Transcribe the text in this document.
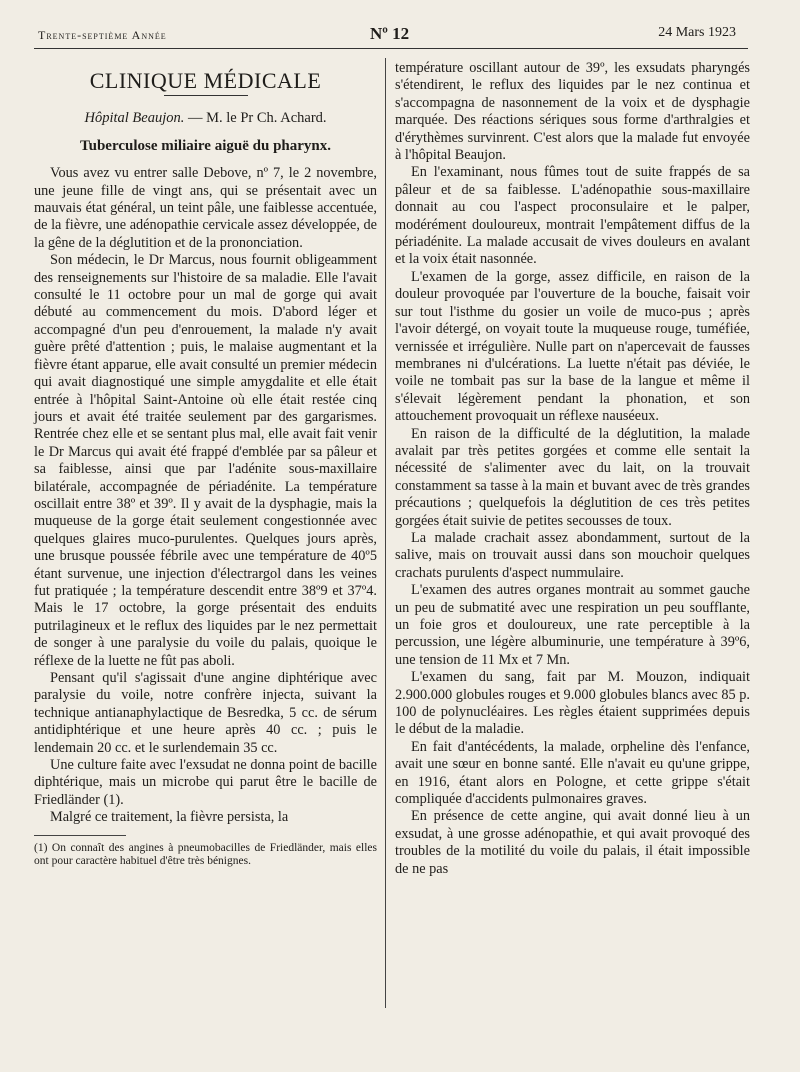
Trente-septième Année	Nº 12	24 Mars 1923
CLINIQUE MÉDICALE
Hôpital Beaujon. — M. le Pr Ch. Achard.
Tuberculose miliaire aiguë du pharynx.

Vous avez vu entrer salle Debove, nº 7, le 2 novembre, une jeune fille de vingt ans, qui se présentait avec un mauvais état général, un teint pâle, une faiblesse accentuée, de la fièvre, une adénopathie cervicale assez développée, de la gêne de la déglutition et de la prononciation.

Son médecin, le Dr Marcus, nous fournit obligeamment des renseignements sur l'histoire de sa maladie. Elle l'avait consulté le 11 octobre pour un mal de gorge qui avait débuté au commencement du mois. D'abord léger et accompagné d'un peu d'enrouement, la malade n'y avait guère prêté d'attention ; puis, le malaise augmentant et la fièvre étant apparue, elle avait consulté un premier médecin qui avait diagnostiqué une simple amygdalite et elle était entrée à l'hôpital Saint-Antoine où elle était restée cinq jours et avait été traitée seulement par des gargarismes. Rentrée chez elle et se sentant plus mal, elle avait fait venir le Dr Marcus qui avait été frappé d'emblée par sa pâleur et sa faiblesse, ainsi que par l'adénite sous-maxillaire bilatérale, accompagnée de périadénite. La température oscillait entre 38º et 39º. Il y avait de la dysphagie, mais la muqueuse de la gorge était seulement congestionnée avec quelques glaires muco-purulentes. Quelques jours après, une brusque poussée fébrile avec une température de 40º5 étant survenue, une injection d'électrargol dans les veines fut pratiquée ; la température descendit entre 38º9 et 37º4. Mais le 17 octobre, la gorge présentait des enduits putrilagineux et le reflux des liquides par le nez permettait de songer à une paralysie du voile du palais, quoique le réflexe de la luette ne fût pas aboli.

Pensant qu'il s'agissait d'une angine diphtérique avec paralysie du voile, notre confrère injecta, suivant la technique antianaphylactique de Besredka, 5 cc. de sérum antidiphtérique et une heure après 40 cc. ; puis le lendemain 20 cc. et le surlendemain 35 cc.

Une culture faite avec l'exsudat ne donna point de bacille diphtérique, mais un microbe qui parut être le bacille de Friedländer (1).

Malgré ce traitement, la fièvre persista, la

(1) On connaît des angines à pneumobacilles de Friedländer, mais elles ont pour caractère habituel d'être très bénignes.

température oscillant autour de 39º, les exsudats pharyngés s'étendirent, le reflux des liquides par le nez continua et s'accompagna de nasonnement de la voix et de dysphagie marquée. Des réactions sériques sous forme d'arthralgies et d'érythèmes survinrent. C'est alors que la malade fut envoyée à l'hôpital Beaujon.

En l'examinant, nous fûmes tout de suite frappés de sa pâleur et de sa faiblesse. L'adénopathie sous-maxillaire donnait au cou l'aspect proconsulaire et le palper, modérément douloureux, montrait l'empâtement diffus de la périadénite. La malade accusait de vives douleurs en avalant et la voix était nasonnée.

L'examen de la gorge, assez difficile, en raison de la douleur provoquée par l'ouverture de la bouche, faisait voir sur tout l'isthme du gosier un voile de muco-pus ; après l'avoir détergé, on voyait toute la muqueuse rouge, tuméfiée, vernissée et irrégulière. Nulle part on n'apercevait de fausses membranes ni d'ulcérations. La luette n'était pas déviée, le voile ne tombait pas sur la base de la langue et même il s'élevait légèrement pendant la phonation, et son attouchement provoquait un réflexe nauséeux.

En raison de la difficulté de la déglutition, la malade avalait par très petites gorgées et comme elle sentait la nécessité de s'alimenter avec du lait, on la trouvait constamment sa tasse à la main et buvant avec de très grandes précautions ; quelquefois la déglutition de ces très petites gorgées était suivie de petites secousses de toux.

La malade crachait assez abondamment, surtout de la salive, mais on trouvait aussi dans son mouchoir quelques crachats purulents d'aspect nummulaire.

L'examen des autres organes montrait au sommet gauche un peu de submatité avec une respiration un peu soufflante, un foie gros et douloureux, une rate perceptible à la percussion, une légère albuminurie, une température à 39º6, une tension de 11 Mx et 7 Mn.

L'examen du sang, fait par M. Mouzon, indiquait 2.900.000 globules rouges et 9.000 globules blancs avec 85 p. 100 de polynucléaires. Les règles étaient supprimées depuis le début de la maladie.

En fait d'antécédents, la malade, orpheline dès l'enfance, avait une sœur en bonne santé. Elle n'avait eu qu'une grippe, en 1916, étant alors en Pologne, et cette grippe s'était compliquée d'accidents pulmonaires graves.

En présence de cette angine, qui avait donné lieu à un exsudat, à une grosse adénopathie, et qui avait provoqué des troubles de la motilité du voile du palais, il était impossible de ne pas
